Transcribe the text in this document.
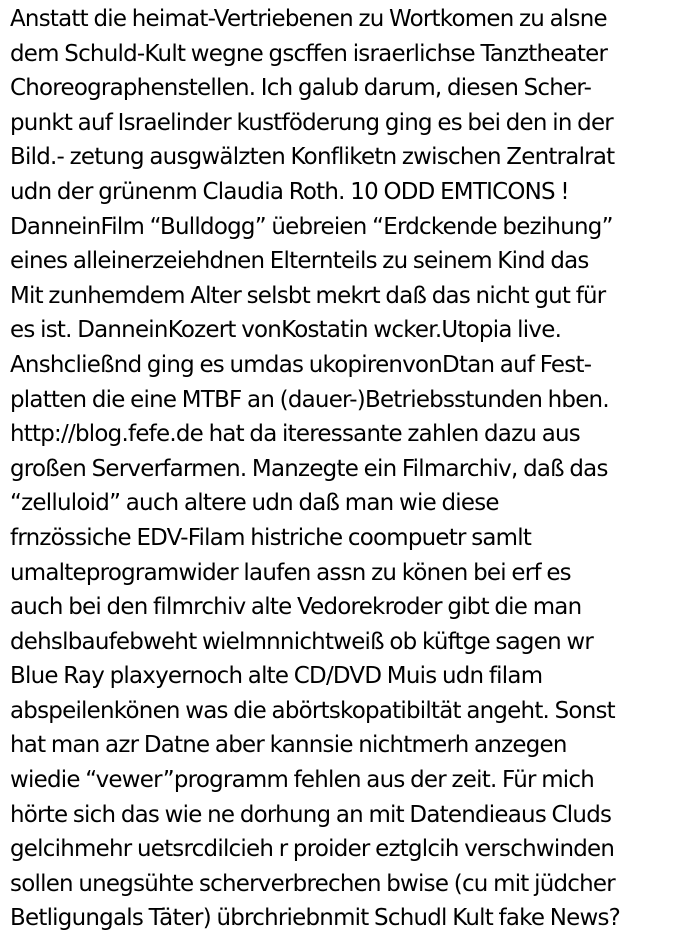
Anstatt die heimat-Vertriebenen zu Wortkomen zu alsne
dem Schuld-Kult wegne gscffen israerlichse Tanztheater
Choreographenstellen. Ich galub darum, diesen Scher-
punkt auf Israelinder kustföderung ging es bei den in der
Bild.- zetung ausgwälzten Konfliketn zwischen Zentralrat
udn der grünenm Claudia Roth. 10 ODD EMTICONS !
DanneinFilm “Bulldogg” üebreien “Erdckende bezihung”
eines alleinerzeiehdnen Elternteils zu seinem Kind das
Mit zunhemdem Alter selsbt mekrt daß das nicht gut für
es ist. DanneinKozert vonKostatin wcker.Utopia live.
Anshcließnd ging es umdas ukopirenvonDtan auf Fest-
platten die eine MTBF an (dauer-)Betriebsstunden hben.
http://blog.fefe.de hat da iteressante zahlen dazu aus
großen Serverfarmen. Manzegte ein Filmarchiv, daß das
“zelluloid” auch altere udn daß man wie diese
frnzössiche EDV-Filam histriche coompuetr samlt
umalteprogramwider laufen assn zu könen bei erf es
auch bei den filmrchiv alte Vedorekroder gibt die man
dehslbaufebweht wielmnnichtweiß ob küftge sagen wr
Blue Ray plaxyernoch alte CD/DVD Muis udn filam
abspeilenkönen was die abörtskopatibiltät angeht. Sonst
hat man azr Datne aber kannsie nichtmerh anzegen
wiedie “vewer”programm fehlen aus der zeit. Für mich
hörte sich das wie ne dorhung an mit Datendieaus Cluds
gelcihmehr uetsrcdilcieh r proider eztglcih verschwinden
sollen unegsühte scherverbrechen bwise (cu mit jüdcher
Betligungals Täter) übrchriebnmit Schudl Kult fake News?
